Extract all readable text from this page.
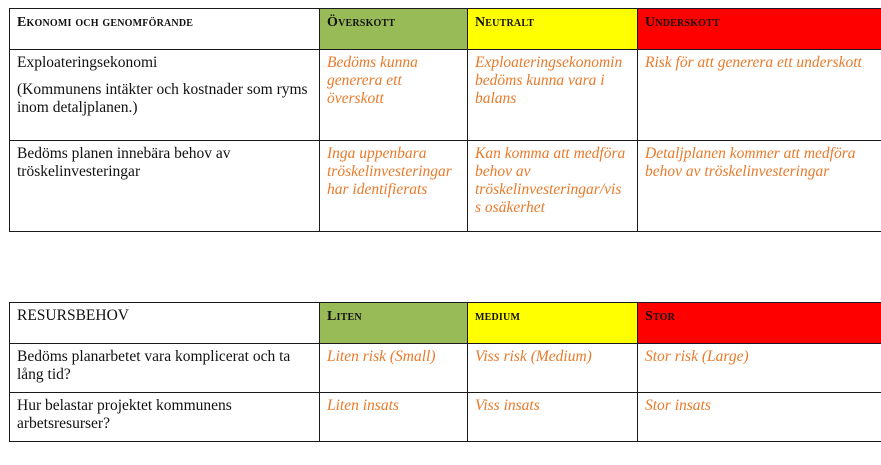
Ekonomi och genomförande	Överskott	Neutralt	Underskott
Exploateringsekonomi
(Kommunens intäkter och kostnader som ryms inom detaljplanen.)	Bedöms kunna generera ett överskott	Exploateringsekonomin bedöms kunna vara i balans	Risk för att generera ett underskott
Bedöms planen innebära behov av tröskelinvesteringar	Inga uppenbara tröskelinvesteringar har identifierats	Kan komma att medföra behov av tröskelinvesteringar/vis s osäkerhet	Detaljplanen kommer att medföra behov av tröskelinvesteringar
RESURSBEHOV	Liten	medium	Stor
Bedöms planarbetet vara komplicerat och ta lång tid?	Liten risk (Small)	Viss risk (Medium)	Stor risk (Large)
Hur belastar projektet kommunens arbetsresurser?	Liten insats	Viss insats	Stor insats
